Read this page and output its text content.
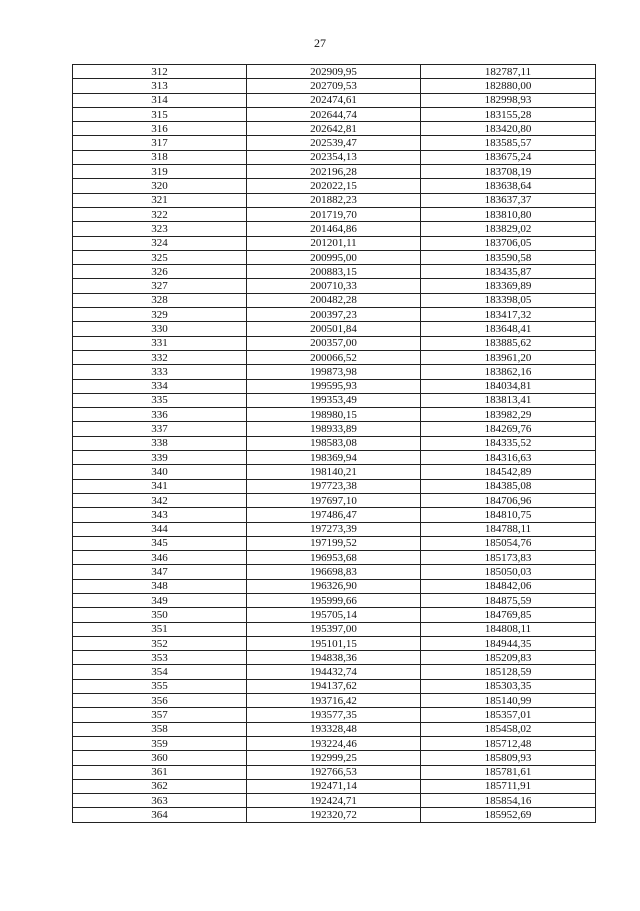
27
312	202909,95	182787,11
313	202709,53	182880,00
314	202474,61	182998,93
315	202644,74	183155,28
316	202642,81	183420,80
317	202539,47	183585,57
318	202354,13	183675,24
319	202196,28	183708,19
320	202022,15	183638,64
321	201882,23	183637,37
322	201719,70	183810,80
323	201464,86	183829,02
324	201201,11	183706,05
325	200995,00	183590,58
326	200883,15	183435,87
327	200710,33	183369,89
328	200482,28	183398,05
329	200397,23	183417,32
330	200501,84	183648,41
331	200357,00	183885,62
332	200066,52	183961,20
333	199873,98	183862,16
334	199595,93	184034,81
335	199353,49	183813,41
336	198980,15	183982,29
337	198933,89	184269,76
338	198583,08	184335,52
339	198369,94	184316,63
340	198140,21	184542,89
341	197723,38	184385,08
342	197697,10	184706,96
343	197486,47	184810,75
344	197273,39	184788,11
345	197199,52	185054,76
346	196953,68	185173,83
347	196698,83	185050,03
348	196326,90	184842,06
349	195999,66	184875,59
350	195705,14	184769,85
351	195397,00	184808,11
352	195101,15	184944,35
353	194838,36	185209,83
354	194432,74	185128,59
355	194137,62	185303,35
356	193716,42	185140,99
357	193577,35	185357,01
358	193328,48	185458,02
359	193224,46	185712,48
360	192999,25	185809,93
361	192766,53	185781,61
362	192471,14	185711,91
363	192424,71	185854,16
364	192320,72	185952,69
